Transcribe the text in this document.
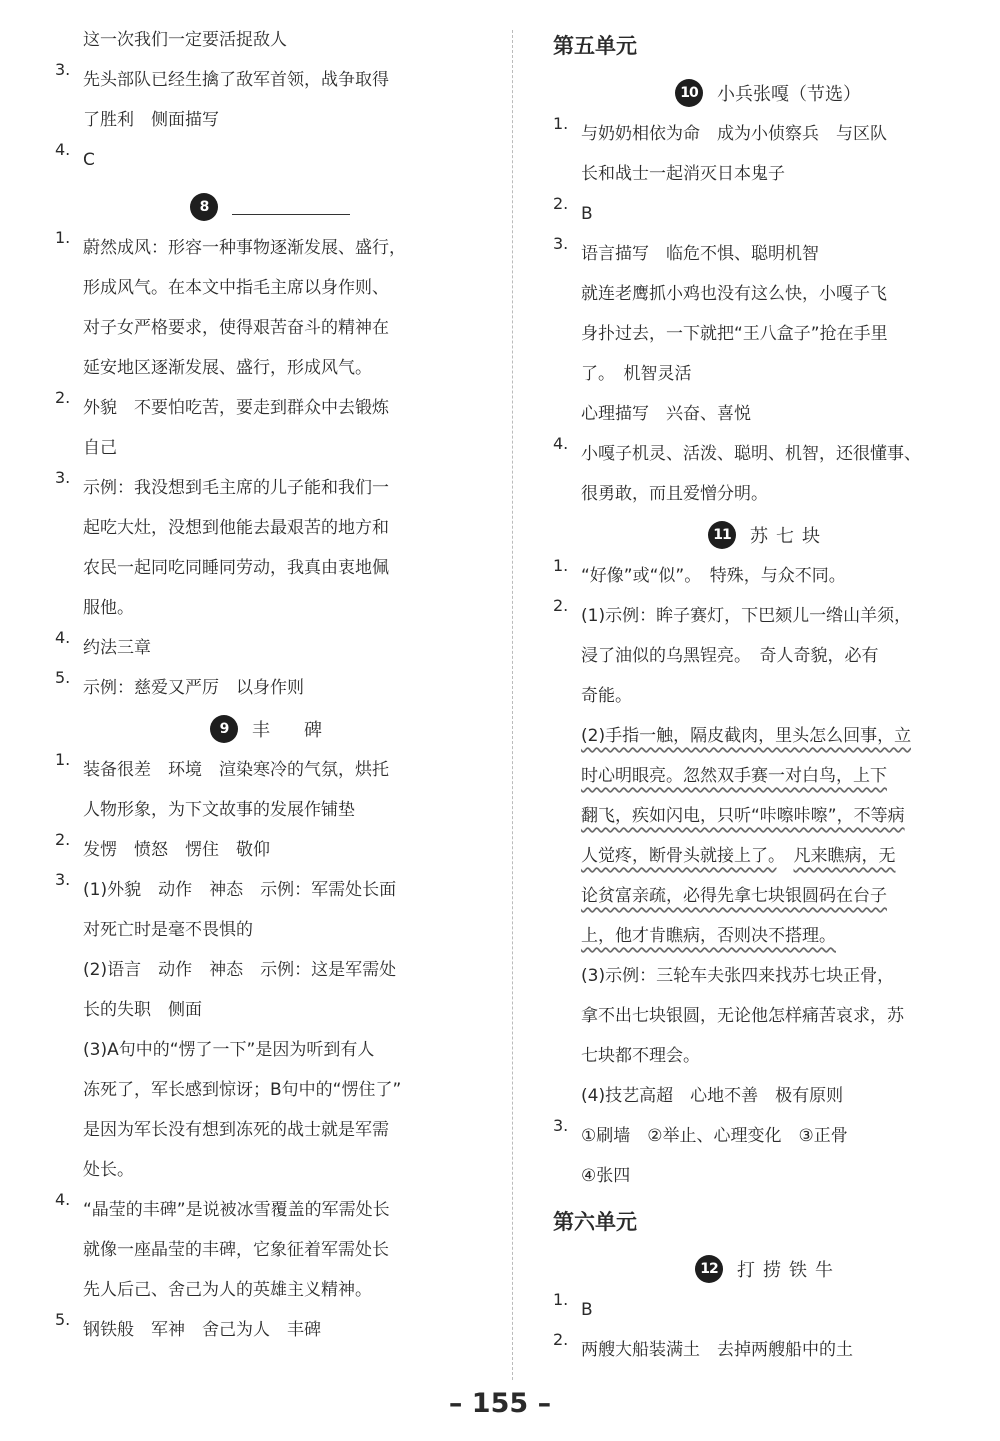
这一次我们一定要活捉敌人
3.
先头部队已经生擒了敌军首领，战争取得
了胜利　侧面描写
4.
C
8
1.
蔚然成风：形容一种事物逐渐发展、盛行，
形成风气。在本文中指毛主席以身作则、
对子女严格要求，使得艰苦奋斗的精神在
延安地区逐渐发展、盛行，形成风气。
2.
外貌　不要怕吃苦，要走到群众中去锻炼
自己
3.
示例：我没想到毛主席的儿子能和我们一
起吃大灶，没想到他能去最艰苦的地方和
农民一起同吃同睡同劳动，我真由衷地佩
服他。
4.
约法三章
5.
示例：慈爱又严厉　以身作则
9	丰　碑
1.
装备很差　环境　渲染寒冷的气氛，烘托
人物形象，为下文故事的发展作铺垫
2.
发愣　愤怒　愣住　敬仰
3.
(1)外貌　动作　神态　示例：军需处长面
对死亡时是毫不畏惧的
(2)语言　动作　神态　示例：这是军需处
长的失职　侧面
(3)A句中的“愣了一下”是因为听到有人
冻死了，军长感到惊讶；B句中的“愣住了”
是因为军长没有想到冻死的战士就是军需
处长。
4.
“晶莹的丰碑”是说被冰雪覆盖的军需处长
就像一座晶莹的丰碑，它象征着军需处长
先人后己、舍己为人的英雄主义精神。
5.
钢铁般　军神　舍己为人　丰碑
第五单元
10 小兵张嘎（节选）
1.
与奶奶相依为命　成为小侦察兵　与区队
长和战士一起消灭日本鬼子
2.
B
3.
语言描写　临危不惧、聪明机智
就连老鹰抓小鸡也没有这么快，小嘎子飞
身扑过去，一下就把“王八盒子”抢在手里
了。　机智灵活
心理描写　兴奋、喜悦
4.
小嘎子机灵、活泼、聪明、机智，还很懂事、
很勇敢，而且爱憎分明。
11 苏七块
1.
“好像”或“似”。　特殊，与众不同。
2.
(1)示例：眸子赛灯，下巴颏儿一绺山羊须，
浸了油似的乌黑锃亮。　奇人奇貌，必有
奇能。
(2)手指一触，隔皮截肉，里头怎么回事，立
时心明眼亮。忽然双手赛一对白鸟，上下
翻飞，疾如闪电，只听“咔嚓咔嚓”，不等病
人觉疼，断骨头就接上了。　 凡来瞧病，无
论贫富亲疏，必得先拿七块银圆码在台子
上，他才肯瞧病，否则决不搭理。
(3)示例：三轮车夫张四来找苏七块正骨，
拿不出七块银圆，无论他怎样痛苦哀求，苏
七块都不理会。
(4)技艺高超　心地不善　极有原则
3.
①刷墙　②举止、心理变化　③正骨
④张四
第六单元
12 打捞铁牛
1.
B
2.
两艘大船装满土　去掉两艘船中的土
– 155 –
